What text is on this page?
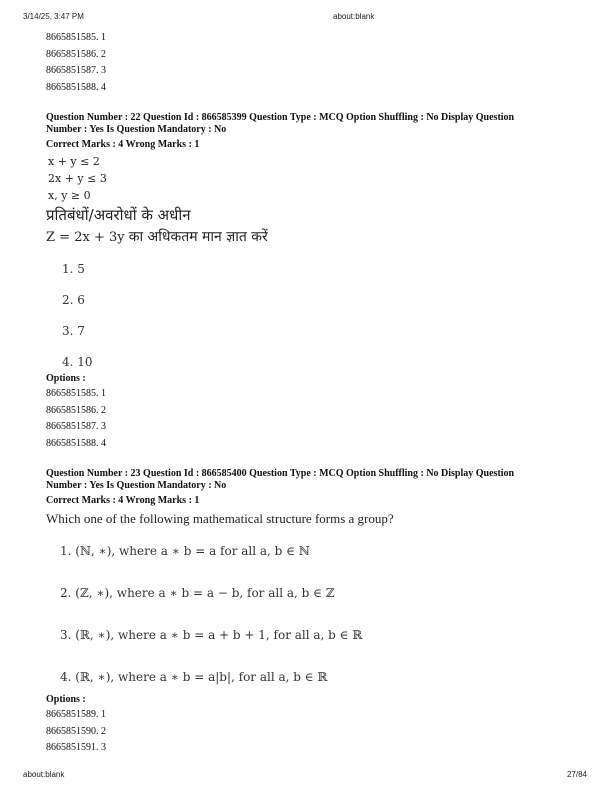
3/14/25, 3:47 PM	about:blank
8665851585. 1
8665851586. 2
8665851587. 3
8665851588. 4
Question Number : 22 Question Id : 866585399 Question Type : MCQ Option Shuffling : No Display Question
Number : Yes Is Question Mandatory : No
Correct Marks : 4 Wrong Marks : 1
x + y ≤ 2
2x + y ≤ 3
x, y ≥ 0
प्रतिबंधों/अवरोधों के अधीन
Z = 2x + 3y का अधिकतम मान ज्ञात करें
1. 5
2. 6
3. 7
4. 10
Options :
8665851585. 1
8665851586. 2
8665851587. 3
8665851588. 4
Question Number : 23 Question Id : 866585400 Question Type : MCQ Option Shuffling : No Display Question
Number : Yes Is Question Mandatory : No
Correct Marks : 4 Wrong Marks : 1
Which one of the following mathematical structure forms a group?
1. (ℕ, ∗), where a ∗ b = a for all a, b ∈ ℕ
2. (ℤ, ∗), where a ∗ b = a − b, for all a, b ∈ ℤ
3. (ℝ, ∗), where a ∗ b = a + b + 1, for all a, b ∈ ℝ
4. (ℝ, ∗), where a ∗ b = a|b|, for all a, b ∈ ℝ
Options :
8665851589. 1
8665851590. 2
8665851591. 3
about:blank	27/84
